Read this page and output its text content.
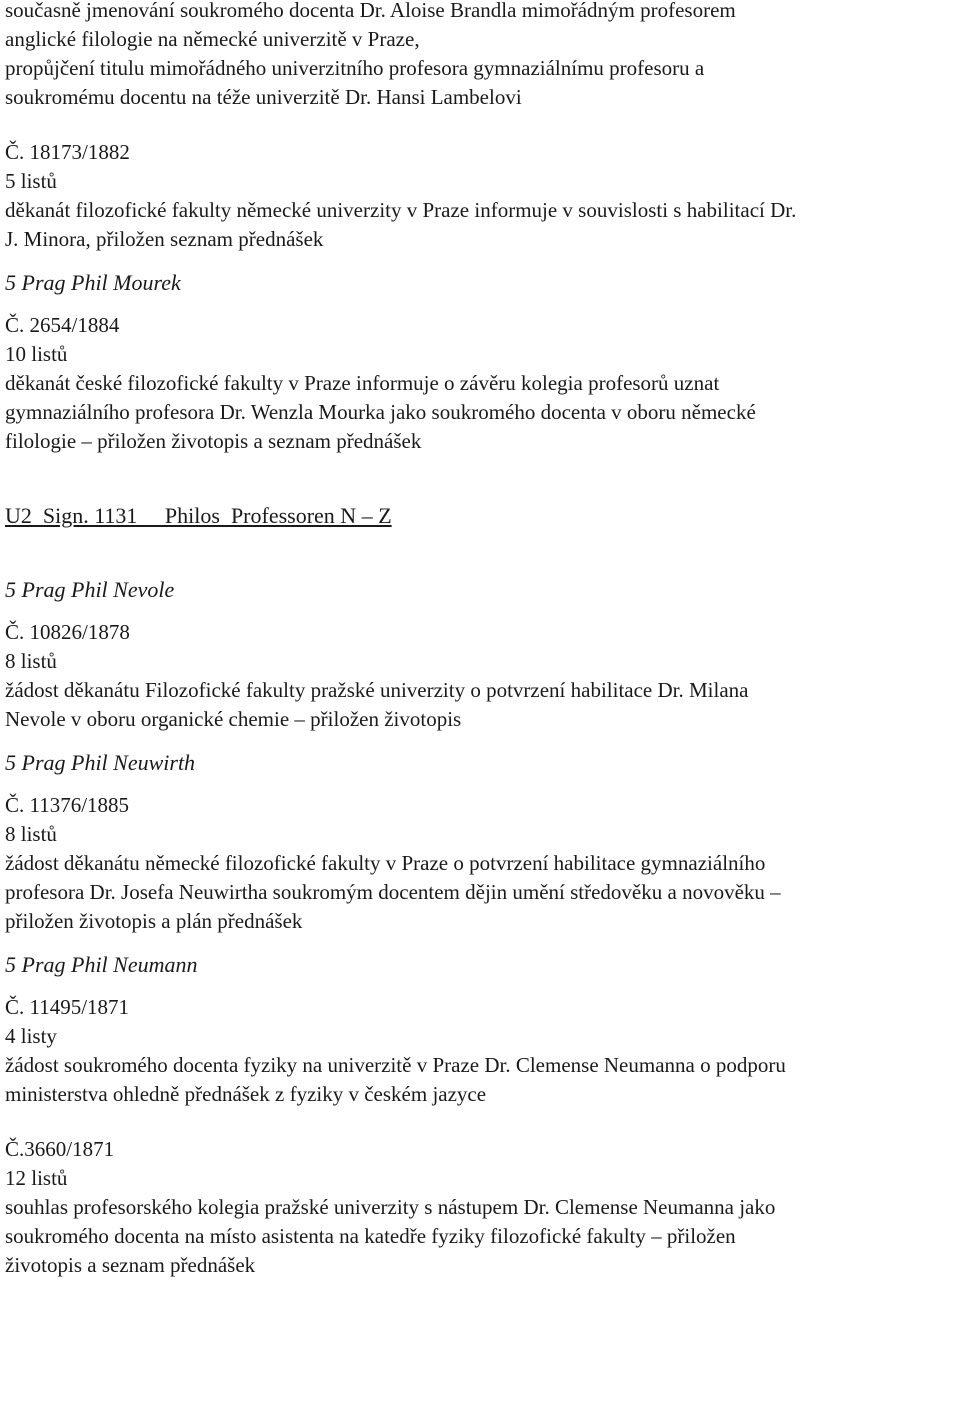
současně jmenování soukromého docenta Dr. Aloise Brandla mimořádným profesorem
anglické filologie na německé univerzitě v Praze,
propůjčení titulu mimořádného univerzitního profesora gymnaziálnímu profesoru a
soukromému docentu na téže univerzitě Dr. Hansi Lambelovi
Č. 18173/1882
5 listů
děkanát filozofické fakulty německé univerzity v Praze informuje v souvislosti s habilitací Dr.
J. Minora, přiložen seznam přednášek
5 Prag Phil Mourek
Č. 2654/1884
10 listů
děkanát české filozofické fakulty v Praze informuje o závěru kolegia profesorů uznat
gymnaziálního profesora Dr. Wenzla Mourka jako soukromého docenta v oboru německé
filologie – přiložen životopis a seznam přednášek
U2  Sign. 1131     Philos  Professoren N – Z
5 Prag Phil Nevole
Č. 10826/1878
8 listů
žádost děkanátu Filozofické fakulty pražské univerzity o potvrzení habilitace Dr. Milana
Nevole v oboru organické chemie – přiložen životopis
5 Prag Phil Neuwirth
Č. 11376/1885
8 listů
žádost děkanátu německé filozofické fakulty v Praze o potvrzení habilitace gymnaziálního
profesora Dr. Josefa Neuwirtha soukromým docentem dějin umění středověku a novověku –
přiložen životopis a plán přednášek
5 Prag Phil Neumann
Č. 11495/1871
4 listy
žádost soukromého docenta fyziky na univerzitě v Praze Dr. Clemense Neumanna o podporu
ministerstva ohledně přednášek z fyziky v českém jazyce
Č.3660/1871
12 listů
souhlas profesorského kolegia pražské univerzity s nástupem Dr. Clemense Neumanna jako
soukromého docenta na místo asistenta na katedře fyziky filozofické fakulty – přiložen
životopis a seznam přednášek
